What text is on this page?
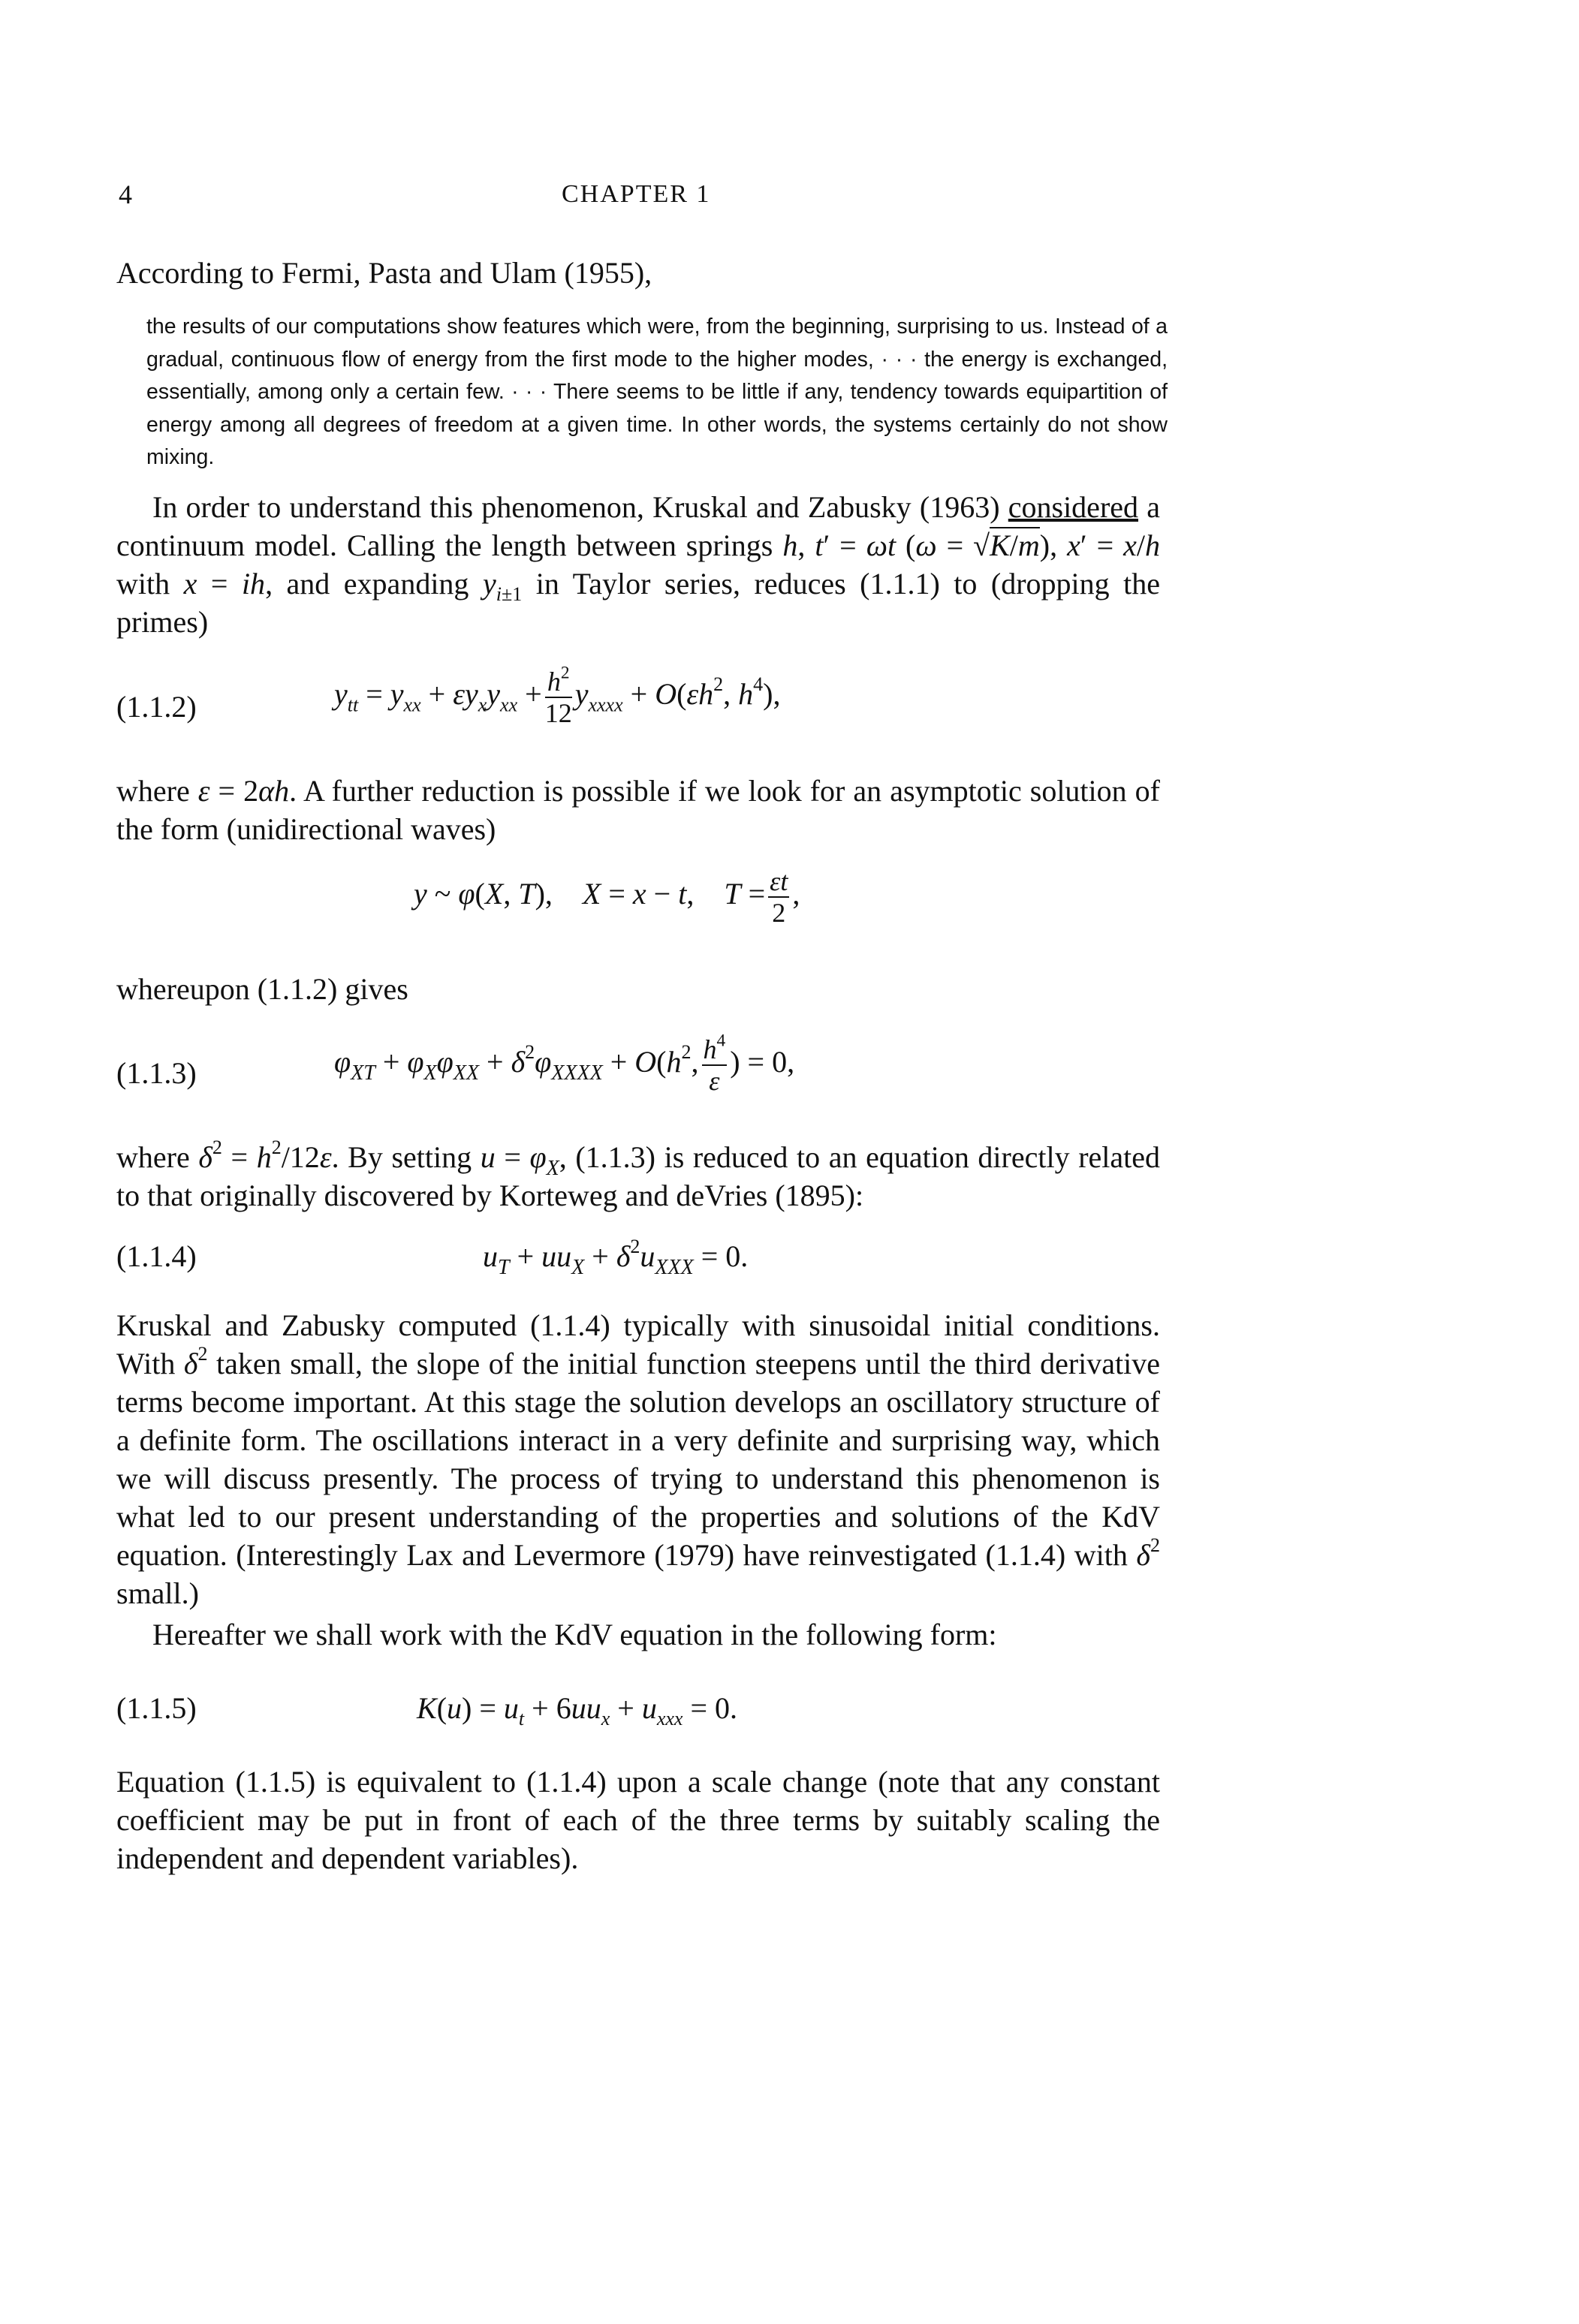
4	CHAPTER 1
According to Fermi, Pasta and Ulam (1955),
the results of our computations show features which were, from the beginning, surprising to us. Instead of a gradual, continuous flow of energy from the first mode to the higher modes, · · · the energy is exchanged, essentially, among only a certain few. · · · There seems to be little if any, tendency towards equipartition of energy among all degrees of freedom at a given time. In other words, the systems certainly do not show mixing.
In order to understand this phenomenon, Kruskal and Zabusky (1963) considered a continuum model. Calling the length between springs h, t′ = ωt (ω = √K/m), x′ = x/h with x = ih, and expanding $y_{i\pm 1}$ in Taylor series, reduces (1.1.1) to (dropping the primes)
(1.1.2)	$y_{tt} = y_{xx} + \varepsilon y_xy_{xx} + \frac{h^2}{12} y_{xxxx} + O(\varepsilon h^2$, $h^4$),
where ε = 2αh. A further reduction is possible if we look for an asymptotic solution of the form (unidirectional waves)
y ~ φ(X, T),    X = x − t,    $T = \frac{\varepsilon t}{2}$ ,
whereupon (1.1.2) gives
(1.1.3)	$\varphi_{XT} + \varphi_X\varphi_{XX} + \delta^2\varphi_{XXXX} + O(h^2$, $\frac{h^4}{\varepsilon}$ ) = 0,
where $\delta^2 = h^2/12\varepsilon$. By setting $u = \varphi_X$, (1.1.3) is reduced to an equation directly related to that originally discovered by Korteweg and deVries (1895):
(1.1.4)	$u_T + uu_X + \delta^2u_{XXX} = 0$.
Kruskal and Zabusky computed (1.1.4) typically with sinusoidal initial conditions. With $\delta^2$ taken small, the slope of the initial function steepens until the third derivative terms become important. At this stage the solution develops an oscillatory structure of a definite form. The oscillations interact in a very definite and surprising way, which we will discuss presently. The process of trying to understand this phenomenon is what led to our present understanding of the properties and solutions of the KdV equation. (Interestingly Lax and Levermore (1979) have reinvestigated (1.1.4) with $\delta^2$ small.)
Hereafter we shall work with the KdV equation in the following form:
(1.1.5)	$K(u) = u_t + 6uu_x + u_{xxx} = 0$.
Equation (1.1.5) is equivalent to (1.1.4) upon a scale change (note that any constant coefficient may be put in front of each of the three terms by suitably scaling the independent and dependent variables).
